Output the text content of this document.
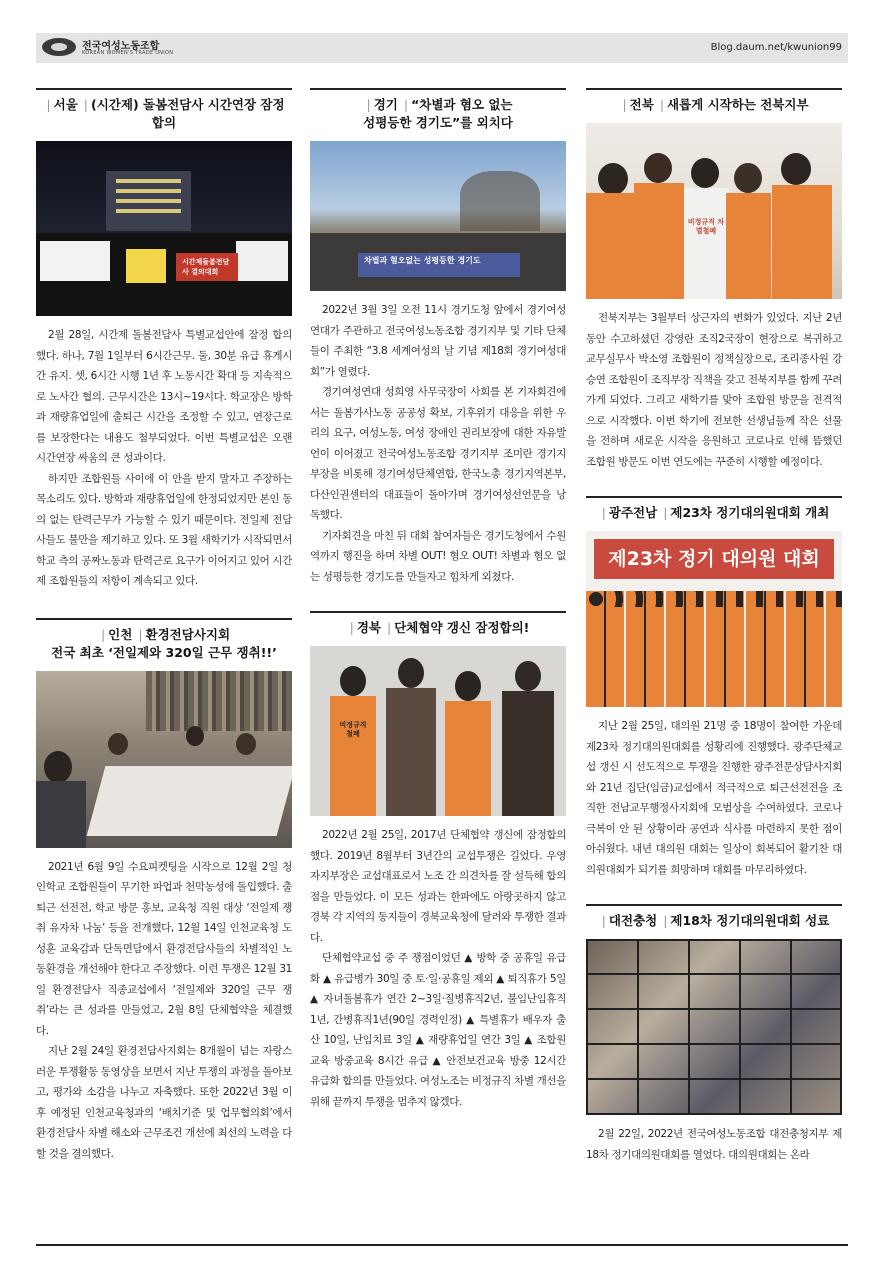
전국여성노동조합
KOREAN WOMEN'S TRADE UNION	Blog.daum.net/kwunion99
| 서울 | (시간제) 돌봄전담사 시간연장 잠정합의
시간제돌봄전담사 결의대회

2월 28일, 시간제 돌봄전담사 특별교섭안에 잠정 합의했다. 하나, 7월 1일부터 6시간근무. 둘, 30분 유급 휴게시간 유지. 셋, 6시간 시행 1년 후 노동시간 확대 등 지속적으로 노사간 협의. 근무시간은 13시~19시다. 학교장은 방학과 재량휴업일에 출퇴근 시간을 조정할 수 있고, 연장근로를 보장한다는 내용도 첨부되었다. 이번 특별교섭은 오랜 시간연장 싸움의 큰 성과이다.

하지만 조합원들 사이에 이 안을 받지 말자고 주장하는 목소리도 있다. 방학과 재량휴업일에 한정되었지만 본인 동의 없는 탄력근무가 가능할 수 있기 때문이다. 전일제 전담사들도 불만을 제기하고 있다. 또 3월 새학기가 시작되면서 학교 측의 공짜노동과 탄력근로 요구가 이어지고 있어 시간제 조합원들의 저항이 계속되고 있다.

| 인천 | 환경전담사지회
전국 최초 ‘전일제와 320일 근무 쟁취!!’

2021년 6월 9일 수요피켓팅을 시작으로 12월 2일 청인학교 조합원들이 무기한 파업과 천막농성에 돌입했다. 출퇴근 선전전, 학교 방문 홍보, 교육청 직원 대상 ‘전일제 쟁취 유자차 나눔’ 등을 전개했다, 12월 14일 인천교육청 도성훈 교육감과 단독면담에서 환경전담사들의 차별적인 노동환경을 개선해야 한다고 주장했다. 이런 투쟁은 12월 31일 환경전담사 직종교섭에서 ‘전일제와 320일 근무 쟁취’라는 큰 성과를 만들었고, 2월 8일 단체협약을 체결했다.

지난 2월 24일 환경전담사지회는 8개월이 넘는 자랑스러운 투쟁활동 동영상을 보면서 지난 투쟁의 과정을 돌아보고, 평가와 소감을 나누고 자축했다. 또한 2022년 3월 이후 예정된 인천교육청과의 ‘배치기준 및 업무협의회’에서 환경전담사 차별 해소와 근무조건 개선에 최선의 노력을 다할 것을 결의했다.

| 경기 | “차별과 혐오 없는
성평등한 경기도”를 외치다
차별과 혐오없는 성평등한 경기도

2022년 3월 3일 오전 11시 경기도청 앞에서 경기여성연대가 주관하고 전국여성노동조합 경기지부 및 기타 단체들이 주최한 “3.8 세계여성의 날 기념 제18회 경기여성대회”가 열렸다.

경기여성연대 성희영 사무국장이 사회를 본 기자회견에서는 돌봄가사노동 공공성 확보, 기후위기 대응을 위한 우리의 요구, 여성노동, 여성 장애인 권리보장에 대한 자유발언이 이어졌고 전국여성노동조합 경기지부 조미란 경기지부장을 비롯해 경기여성단체연합, 한국노총 경기지역본부, 다산인권센터의 대표들이 돌아가며 경기여성선언문을 낭독했다.

기자회견을 마친 뒤 대회 참여자들은 경기도청에서 수원역까지 행진을 하며 차별 OUT! 혐오 OUT! 차별과 혐오 없는 성평등한 경기도를 만들자고 힘차게 외쳤다.

| 경북 | 단체협약 갱신 잠정합의!
비정규직 철폐

2022년 2월 25일, 2017년 단체협약 갱신에 잠정합의했다. 2019년 8월부터 3년간의 교섭투쟁은 길었다. 우영자지부장은 교섭대표로서 노조 간 의견차를 잘 설득해 합의점을 만들었다. 이 모든 성과는 한파에도 아랑곳하지 않고 경북 각 지역의 동지들이 경북교육청에 달려와 투쟁한 결과다.

단체협약교섭 중 주 쟁점이었던 ▲ 방학 중 공휴일 유급화 ▲ 유급병가 30일 중 토·일·공휴일 제외 ▲ 퇴직휴가 5일 ▲ 자녀돌봄휴가 연간 2~3일·질병휴직2년, 불임난임휴직 1년, 간병휴직1년(90일 경력인정) ▲ 특별휴가 배우자 출산 10일, 난임치료 3일 ▲ 재량휴업일 연간 3일 ▲ 조합원교육 방중교육 8시간 유급 ▲ 안전보건교육 방중 12시간 유급화 합의를 만들었다. 여성노조는 비정규직 차별 개선을 위해 끝까지 투쟁을 멈추지 않겠다.

| 전북 | 새롭게 시작하는 전북지부
비정규직 차별철폐

전북지부는 3월부터 상근자의 변화가 있었다. 지난 2년 동안 수고하셨던 강영란 조직2국장이 현장으로 복귀하고 교무실무사 박소영 조합원이 정책실장으로, 조리종사원 강승연 조합원이 조직부장 직책을 갖고 전북지부를 함께 꾸려가게 되었다. 그리고 새학기를 맞아 조합원 방문을 전격적으로 시작했다. 이번 학기에 전보한 선생님들께 작은 선물을 전하며 새로운 시작을 응원하고 코로나로 인해 뜸했던 조합원 방문도 이번 연도에는 꾸준히 시행할 예정이다.

| 광주전남 | 제23차 정기대의원대회 개최
제23차 정기 대의원 대회

지난 2월 25일, 대의원 21명 중 18명이 참여한 가운데 제23차 정기대의원대회를 성황리에 진행했다. 광주단체교섭 갱신 시 선도적으로 투쟁을 진행한 광주전문상담사지회와 21년 집단(임금)교섭에서 적극적으로 퇴근선전전을 조직한 전남교무행정사지회에 모범상을 수여하였다. 코로나 극복이 안 된 상황이라 공연과 식사를 마련하지 못한 점이 아쉬웠다. 내년 대의원 대회는 일상이 회복되어 활기찬 대의원대회가 되기를 희망하며 대회를 마무리하였다.

| 대전충청 | 제18차 정기대의원대회 성료

2월 22일, 2022년 전국여성노동조합 대전충청지부 제18차 정기대의원대회를 열었다. 대의원대회는 온라
